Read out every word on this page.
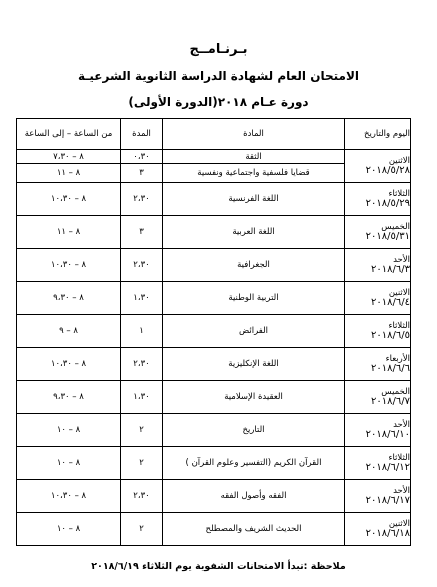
بـرنـامــج
الامتحان العام لشهادة الدراسة الثانوية الشرعيـة
دورة عـام ٢٠١٨(الدورة الأولى)
اليوم والتاريخ	المادة	المدة	من الساعة – إلى الساعة

الاثنين
٢٠١٨/٥/٢٨	الثقة	٠،٣٠	٨ – ٧،٣٠
	قضايا فلسفية واجتماعية ونفسية	٣	٨ – ١١

الثلاثاء
٢٠١٨/٥/٢٩	اللغة الفرنسية	٢،٣٠	٨ – ١٠،٣٠

الخميس
٢٠١٨/٥/٣١	اللغة العربية	٣	٨ – ١١

الأحد
٢٠١٨/٦/٣	الجغرافية	٢،٣٠	٨ – ١٠،٣٠

الاثنين
٢٠١٨/٦/٤	التربية الوطنية	١،٣٠	٨ – ٩،٣٠

الثلاثاء
٢٠١٨/٦/٥	الفرائض	١	٨ – ٩

الأربعاء
٢٠١٨/٦/٦	اللغة الإنكليزية	٢،٣٠	٨ – ١٠،٣٠

الخميس
٢٠١٨/٦/٧	العقيدة الإسلامية	١،٣٠	٨ – ٩،٣٠

الأحد
٢٠١٨/٦/١٠	التاريخ	٢	٨ – ١٠

الثلاثاء
٢٠١٨/٦/١٢	القرآن الكريم (التفسير وعلوم القرآن )	٢	٨ – ١٠

الأحد
٢٠١٨/٦/١٧	الفقه وأصول الفقه	٢،٣٠	٨ – ١٠،٣٠

الاثنين
٢٠١٨/٦/١٨	الحديث الشريف والمصطلح	٢	٨ – ١٠
ملاحظة :تبدأ الامتحانات الشفوية يوم الثلاثاء ٢٠١٨/٦/١٩
